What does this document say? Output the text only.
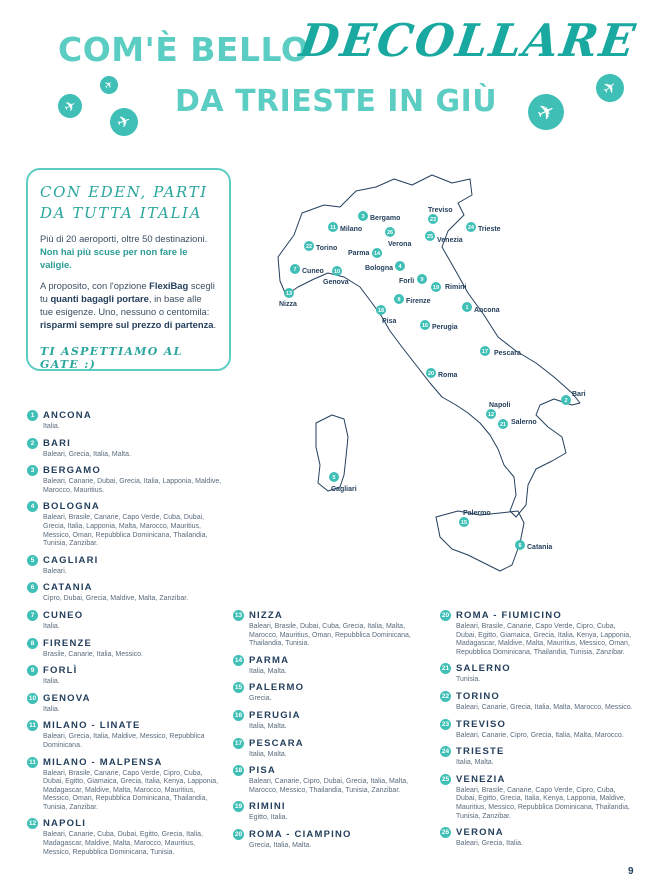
COM'È BELLO
DECOLLARE
DA TRIESTE IN GIÙ
✈
✈
✈
✈
✈
CON EDEN, PARTI DA TUTTA ITALIA
Più di 20 aeroporti, oltre 50 destinazioni. Non hai più scuse per non fare le valigie.
A proposito, con l'opzione FlexiBag scegli tu quanti bagagli portare, in base alle tue esigenze. Uno, nessuno o centomila: risparmi sempre sul prezzo di partenza.
TI ASPETTIAMO AL GATE :)
1 Ancona
2
Bari
3 Bergamo
4
Bologna
5
Cagliari
6 Catania
7 Cuneo
8 Firenze
9
Forlì
10
Genova
11 Milano
12
Napoli
13
Nizza
14
Parma
15
Palermo
16 Perugia
17 Pescara
18
Pisa
19 Rimini
20 Roma
21 Salerno
22 Torino
23
Treviso
24 Trieste
25 Venezia
26
Verona
1 ANCONA
Italia.
2 BARI
Baleari, Grecia, Italia, Malta.
3 BERGAMO
Baleari, Canarie, Dubai, Grecia, Italia, Lapponia, Maldive, Marocco, Mauritius.
4 BOLOGNA
Baleari, Brasile, Canarie, Capo Verde, Cuba, Dubai, Grecia, Italia, Lapponia, Malta, Marocco, Mauritius, Messico, Oman, Repubblica Dominicana, Thailandia, Tunisia, Zanzibar.
5 CAGLIARI
Baleari.
6 CATANIA
Cipro, Dubai, Grecia, Maldive, Malta, Zanzibar.
7 CUNEO
Italia.
8 FIRENZE
Brasile, Canarie, Italia, Messico.
9 FORLÌ
Italia.
10 GENOVA
Italia.
11 MILANO - LINATE
Baleari, Grecia, Italia, Maldive, Messico, Repubblica Dominicana.
11 MILANO - MALPENSA
Baleari, Brasile, Canarie, Capo Verde, Cipro, Cuba, Dubai, Egitto, Giamaica, Grecia, Italia, Kenya, Lapponia, Madagascar, Maldive, Malta, Marocco, Mauritius, Messico, Oman, Repubblica Dominicana, Thailandia, Tunisia, Zanzibar.
12 NAPOLI
Baleari, Canarie, Cuba, Dubai, Egitto, Grecia, Italia, Madagascar, Maldive, Malta, Marocco, Mauritius, Messico, Repubblica Dominicana, Tunisia.
13 NIZZA
Baleari, Brasile, Dubai, Cuba, Grecia, Italia, Malta, Marocco, Mauritius, Oman, Repubblica Dominicana, Thailandia, Tunisia.
14 PARMA
Italia, Malta.
15 PALERMO
Grecia.
16 PERUGIA
Italia, Malta.
17 PESCARA
Italia, Malta.
18 PISA
Baleari, Canarie, Cipro, Dubai, Grecia, Italia, Malta, Marocco, Messico, Thailandia, Tunisia, Zanzibar.
19 RIMINI
Egitto, Italia.
20 ROMA - CIAMPINO
Grecia, Italia, Malta.
20 ROMA - FIUMICINO
Baleari, Brasile, Canarie, Capo Verde, Cipro, Cuba, Dubai, Egitto, Giamaica, Grecia, Italia, Kenya, Lapponia, Madagascar, Maldive, Malta, Mauritius, Messico, Oman, Repubblica Dominicana, Thailandia, Tunisia, Zanzibar.
21 SALERNO
Tunisia.
22 TORINO
Baleari, Canarie, Grecia, Italia, Malta, Marocco, Messico.
23 TREVISO
Baleari, Canarie, Cipro, Grecia, Italia, Malta, Marocco.
24 TRIESTE
Italia, Malta.
25 VENEZIA
Baleari, Brasile, Canarie, Capo Verde, Cipro, Cuba, Dubai, Egitto, Grecia, Italia, Kenya, Lapponia, Maldive, Mauritius, Messico, Repubblica Dominicana, Thailandia, Tunisia, Zanzibar.
26 VERONA
Baleari, Grecia, Italia.
9
